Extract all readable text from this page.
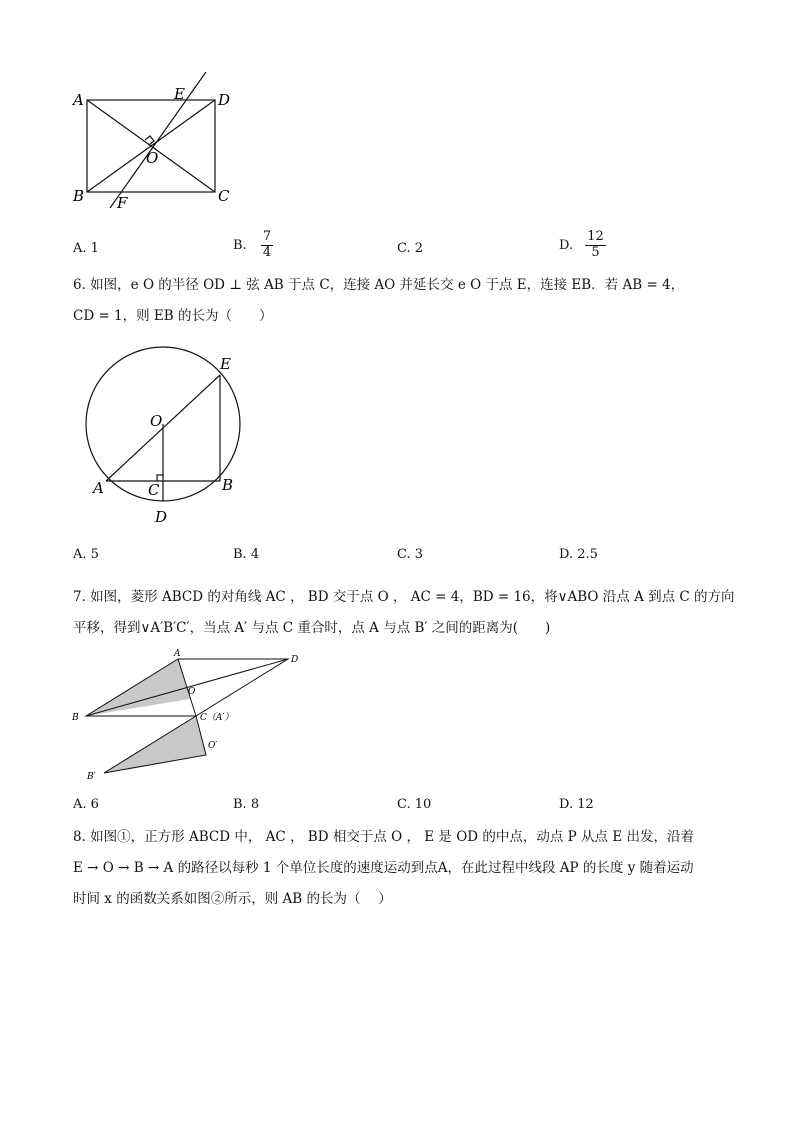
A	E D
O
B F	C
A. 1	B. $\frac{7}{4}$	C. 2	D. $\frac{12}{5}$
6. 如图，e O 的半径 OD ⊥ 弦 AB 于点 C，连接 AO 并延长交 e O 于点 E，连接 EB．若 AB = 4，
CD = 1，则 EB 的长为（　　）
E
O
A	C	B
D
A. 5	B. 4	C. 3	D. 2.5
7. 如图，菱形 ABCD 的对角线 AC ， BD 交于点 O ， AC = 4，BD = 16，将∨ABO 沿点 A 到点 C 的方向
平移，得到∨A′B′C′，当点 A′ 与点 C 重合时，点 A 与点 B′ 之间的距离为(　　)
A
D
O
B	C（A′）
O′
B′
A. 6	B. 8	C. 10	D. 12
8. 如图①，正方形 ABCD 中， AC ， BD 相交于点 O ， E 是 OD 的中点，动点 P 从点 E 出发，沿着
E → O → B → A 的路径以每秒 1 个单位长度的速度运动到点A，在此过程中线段 AP 的长度 y 随着运动
时间 x 的函数关系如图②所示，则 AB 的长为（　 ）
